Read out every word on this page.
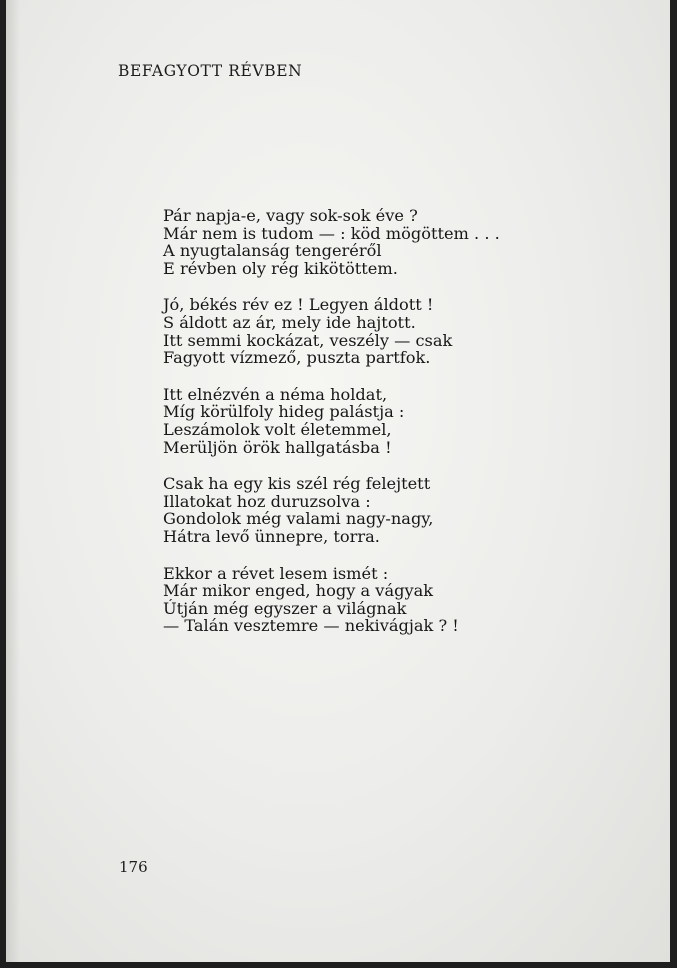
BEFAGYOTT RÉVBEN
Pár napja-e, vagy sok-sok éve ?
Már nem is tudom — : köd mögöttem . . .
A nyugtalanság tengeréről
E révben oly rég kikötöttem.
Jó, békés rév ez ! Legyen áldott !
S áldott az ár, mely ide hajtott.
Itt semmi kockázat, veszély — csak
Fagyott vízmező, puszta partfok.
Itt elnézvén a néma holdat,
Míg körülfoly hideg palástja :
Leszámolok volt életemmel,
Merüljön örök hallgatásba !
Csak ha egy kis szél rég felejtett
Illatokat hoz duruzsolva :
Gondolok még valami nagy-nagy,
Hátra levő ünnepre, torra.
Ekkor a révet lesem ismét :
Már mikor enged, hogy a vágyak
Útján még egyszer a világnak
— Talán vesztemre — nekivágjak ? !
176
